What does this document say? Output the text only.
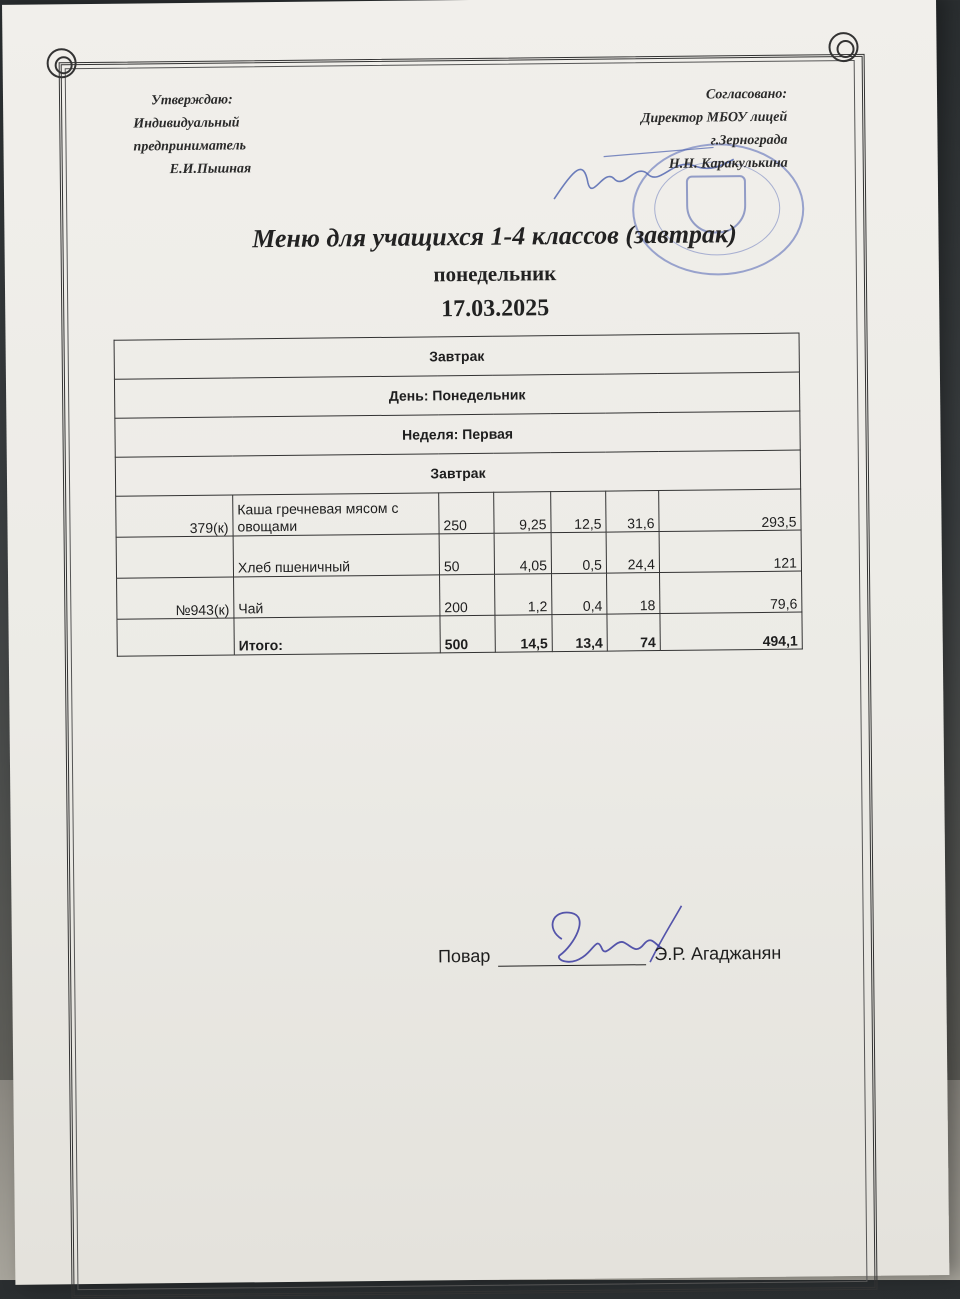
Утверждаю:
Индивидуальный
предприниматель
Е.И.Пышная
Согласовано:
Директор МБОУ лицей
г.Зернограда
Н.Н. Каракулькина
Меню для учащихся 1-4 классов (завтрак)
понедельник
17.03.2025
Завтрак						
День: Понедельник						
Неделя: Первая						
Завтрак						
379(к)	Каша гречневая мясом с овощами	250	9,25	12,5	31,6	293,5
	Хлеб пшеничный	50	4,05	0,5	24,4	121
№943(к)	Чай	200	1,2	0,4	18	79,6
	Итого:	500	14,5	13,4	74	494,1
Повар	Э.Р. Агаджанян
